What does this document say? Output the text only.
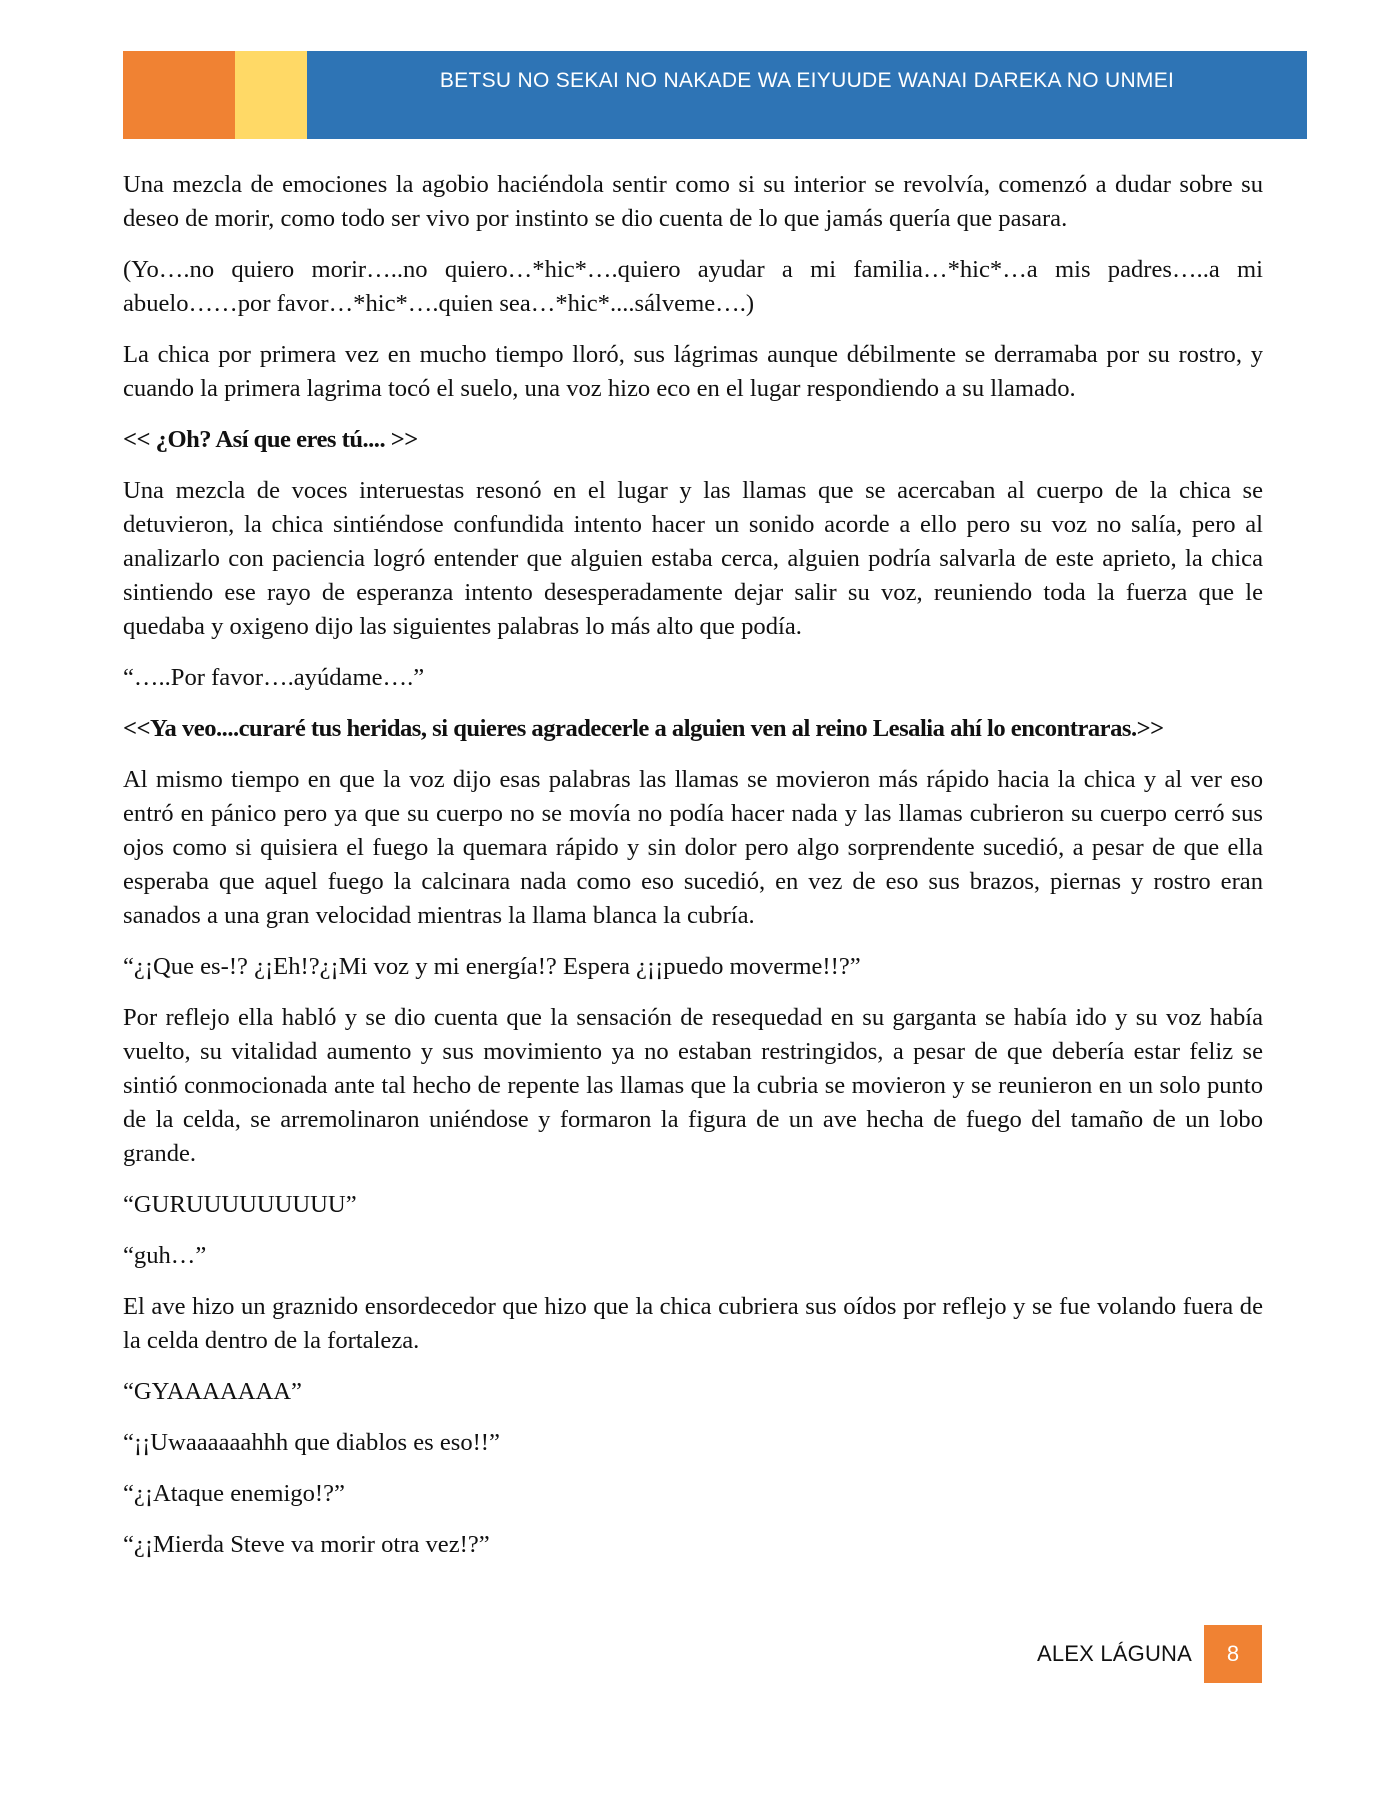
BETSU NO SEKAI NO NAKADE WA EIYUUDE WANAI DAREKA NO UNMEI

Una mezcla de emociones la agobio haciéndola sentir como si su interior se revolvía, comenzó a dudar sobre su deseo de morir, como todo ser vivo por instinto se dio cuenta de lo que jamás quería que pasara.

(Yo….no quiero morir…..no quiero…*hic*….quiero ayudar a mi familia…*hic*…a mis padres…..a mi abuelo……por favor…*hic*….quien sea…*hic*....sálveme….)

La chica por primera vez en mucho tiempo lloró, sus lágrimas aunque débilmente se derramaba por su rostro, y cuando la primera lagrima tocó el suelo, una voz hizo eco en el lugar respondiendo a su llamado.

<< ¿Oh? Así que eres tú.... >>

Una mezcla de voces interuestas resonó en el lugar y las llamas que se acercaban al cuerpo de la chica se detuvieron, la chica sintiéndose confundida intento hacer un sonido acorde a ello pero su voz no salía, pero al analizarlo con paciencia logró entender que alguien estaba cerca, alguien podría salvarla de este aprieto, la chica sintiendo ese rayo de esperanza intento desesperadamente dejar salir su voz, reuniendo toda la fuerza que le quedaba y oxigeno dijo las siguientes palabras lo más alto que podía.

“…..Por favor….ayúdame….”

<<Ya veo....curaré tus heridas, si quieres agradecerle a alguien ven al reino Lesalia ahí lo encontraras.>>

Al mismo tiempo en que la voz dijo esas palabras las llamas se movieron más rápido hacia la chica y al ver eso entró en pánico pero ya que su cuerpo no se movía no podía hacer nada y las llamas cubrieron su cuerpo cerró sus ojos como si quisiera el fuego la quemara rápido y sin dolor pero algo sorprendente sucedió, a pesar de que ella esperaba que aquel fuego la calcinara nada como eso sucedió, en vez de eso sus brazos, piernas y rostro eran sanados a una gran velocidad mientras la llama blanca la cubría.

“¿¡Que es-!? ¿¡Eh!?¿¡Mi voz y mi energía!? Espera ¿¡¡puedo moverme!!?”

Por reflejo ella habló y se dio cuenta que la sensación de resequedad en su garganta se había ido y su voz había vuelto, su vitalidad aumento y sus movimiento ya no estaban restringidos, a pesar de que debería estar feliz se sintió conmocionada ante tal hecho de repente las llamas que la cubria se movieron y se reunieron en un solo punto de la celda, se arremolinaron uniéndose y formaron la figura de un ave hecha de fuego del tamaño de un lobo grande.

“GURUUUUUUUUU”

“guh…”

El ave hizo un graznido ensordecedor que hizo que la chica cubriera sus oídos por reflejo y se fue volando fuera de la celda dentro de la fortaleza.

“GYAAAAAAA”

“¡¡Uwaaaaaahhh que diablos es eso!!”

“¿¡Ataque enemigo!?”

“¿¡Mierda Steve va morir otra vez!?”

ALEX LÁGUNA	8
